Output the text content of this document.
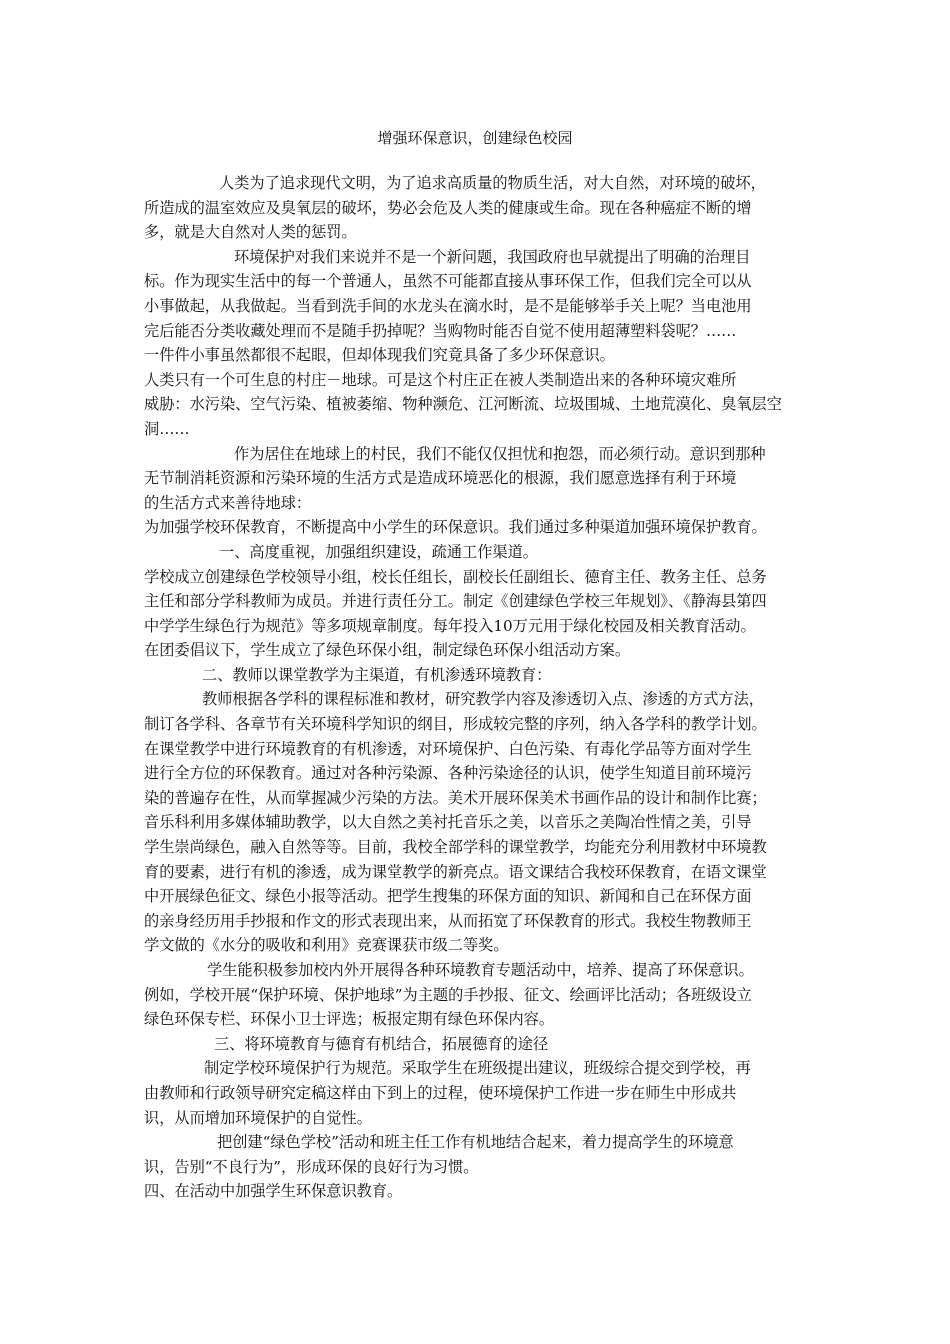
增强环保意识，创建绿色校园
人类为了追求现代文明，为了追求高质量的物质生活，对大自然，对环境的破坏，
所造成的温室效应及臭氧层的破坏，势必会危及人类的健康或生命。现在各种癌症不断的增
多，就是大自然对人类的惩罚。
环境保护对我们来说并不是一个新问题，我国政府也早就提出了明确的治理目
标。作为现实生活中的每一个普通人，虽然不可能都直接从事环保工作，但我们完全可以从
小事做起，从我做起。当看到洗手间的水龙头在滴水时，是不是能够举手关上呢？当电池用
完后能否分类收藏处理而不是随手扔掉呢？当购物时能否自觉不使用超薄塑料袋呢？……
一件件小事虽然都很不起眼，但却体现我们究竟具备了多少环保意识。
人类只有一个可生息的村庄－地球。可是这个村庄正在被人类制造出来的各种环境灾难所
威胁：水污染、空气污染、植被萎缩、物种濒危、江河断流、垃圾围城、土地荒漠化、臭氧层空
洞……
作为居住在地球上的村民，我们不能仅仅担忧和抱怨，而必须行动。意识到那种
无节制消耗资源和污染环境的生活方式是造成环境恶化的根源，我们愿意选择有利于环境
的生活方式来善待地球：
为加强学校环保教育，不断提高中小学生的环保意识。我们通过多种渠道加强环境保护教育。
一、高度重视，加强组织建设，疏通工作渠道。
学校成立创建绿色学校领导小组，校长任组长，副校长任副组长、德育主任、教务主任、总务
主任和部分学科教师为成员。并进行责任分工。制定《创建绿色学校三年规划》、《静海县第四
中学学生绿色行为规范》等多项规章制度。每年投入10万元用于绿化校园及相关教育活动。
在团委倡议下，学生成立了绿色环保小组，制定绿色环保小组活动方案。
二、教师以课堂教学为主渠道，有机渗透环境教育：
教师根据各学科的课程标准和教材，研究教学内容及渗透切入点、渗透的方式方法，
制订各学科、各章节有关环境科学知识的纲目，形成较完整的序列，纳入各学科的教学计划。
在课堂教学中进行环境教育的有机渗透，对环境保护、白色污染、有毒化学品等方面对学生
进行全方位的环保教育。通过对各种污染源、各种污染途径的认识，使学生知道目前环境污
染的普遍存在性，从而掌握减少污染的方法。美术开展环保美术书画作品的设计和制作比赛；
音乐科利用多媒体辅助教学，以大自然之美衬托音乐之美，以音乐之美陶冶性情之美，引导
学生崇尚绿色，融入自然等等。目前，我校全部学科的课堂教学，均能充分利用教材中环境教
育的要素，进行有机的渗透，成为课堂教学的新亮点。语文课结合我校环保教育，在语文课堂
中开展绿色征文、绿色小报等活动。把学生搜集的环保方面的知识、新闻和自己在环保方面
的亲身经历用手抄报和作文的形式表现出来，从而拓宽了环保教育的形式。我校生物教师王
学文做的《水分的吸收和利用》竞赛课获市级二等奖。
学生能积极参加校内外开展得各种环境教育专题活动中，培养、提高了环保意识。
例如，学校开展“保护环境、保护地球”为主题的手抄报、征文、绘画评比活动；各班级设立
绿色环保专栏、环保小卫士评选；板报定期有绿色环保内容。
三、将环境教育与德育有机结合，拓展德育的途径
制定学校环境保护行为规范。采取学生在班级提出建议，班级综合提交到学校，再
由教师和行政领导研究定稿这样由下到上的过程，使环境保护工作进一步在师生中形成共
识，从而增加环境保护的自觉性。
把创建“绿色学校”活动和班主任工作有机地结合起来，着力提高学生的环境意
识，告别“不良行为”，形成环保的良好行为习惯。
四、在活动中加强学生环保意识教育。
